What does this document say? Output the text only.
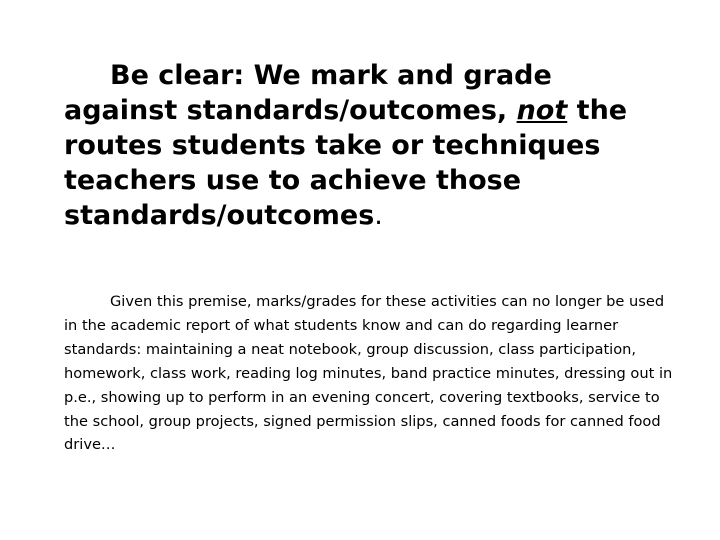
Be clear: We mark and grade against standards/outcomes, not the routes students take or techniques teachers use to achieve those standards/outcomes.

Given this premise, marks/grades for these activities can no longer be used in the academic report of what students know and can do regarding learner standards: maintaining a neat notebook, group discussion, class participation, homework, class work, reading log minutes, band practice minutes, dressing out in p.e., showing up to perform in an evening concert, covering textbooks, service to the school, group projects, signed permission slips, canned foods for canned food drive…
